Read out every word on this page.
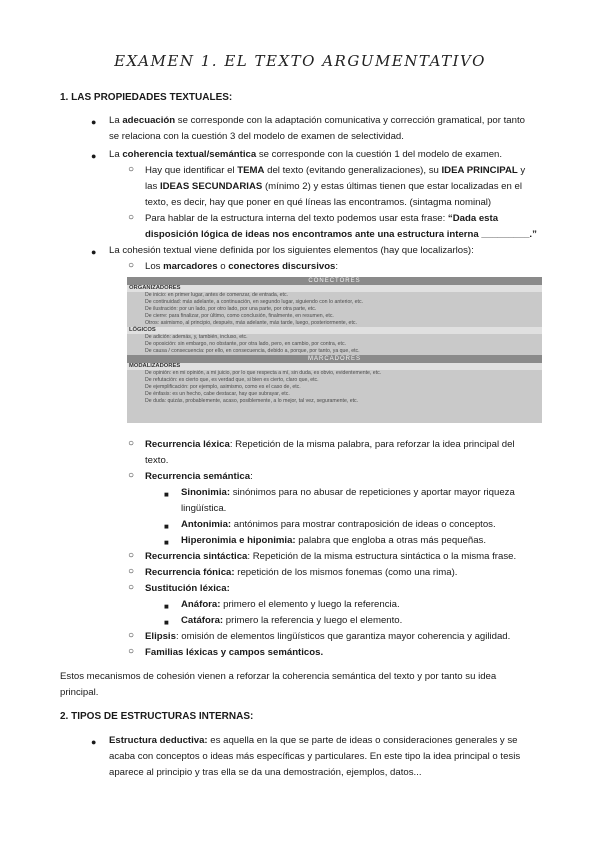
EXAMEN 1. EL TEXTO ARGUMENTATIVO
1. LAS PROPIEDADES TEXTUALES:
●
La adecuación se corresponde con la adaptación comunicativa y corrección gramatical, por tanto
se relaciona con la cuestión 3 del modelo de examen de selectividad.
●
La coherencia textual/semántica se corresponde con la cuestión 1 del modelo de examen.
○
Hay que identificar el TEMA del texto (evitando generalizaciones), su IDEA PRINCIPAL y
las IDEAS SECUNDARIAS (mínimo 2) y estas últimas tienen que estar localizadas en el
texto, es decir, hay que poner en qué líneas las encontramos. (sintagma nominal)
○
Para hablar de la estructura interna del texto podemos usar esta frase: “Dada esta
disposición lógica de ideas nos encontramos ante una estructura interna _________.”
●
La cohesión textual viene definida por los siguientes elementos (hay que localizarlos):
○
Los marcadores o conectores discursivos:
CONECTORES
ORGANIZADORES
De inicio: en primer lugar, antes de comenzar, de entrada, etc.
De continuidad: más adelante, a continuación, en segundo lugar, siguiendo con lo anterior, etc.
De ilustración: por un lado, por otro lado, por una parte, por otra parte, etc.
De cierre: para finalizar, por último, como conclusión, finalmente, en resumen, etc.
Otros: asimismo, al principio, después, más adelante, más tarde, luego, posteriormente, etc.
LÓGICOS
De adición: además, y, también, incluso, etc.
De oposición: sin embargo, no obstante, por otra lado, pero, en cambio, por contra, etc.
De causa / consecuencia: por ello, en consecuencia, debido a, porque, por tanto, ya que, etc.
MARCADORES
MODALIZADORES
De opinión: en mi opinión, a mi juicio, por lo que respecta a mí, sin duda, es obvio, evidentemente, etc.
De refutación: es cierto que, es verdad que, si bien es cierto, claro que, etc.
De ejemplificación: por ejemplo, asimismo, como es el caso de, etc.
De énfasis: es un hecho, cabe destacar, hay que subrayar, etc.
De duda: quizás, probablemente, acaso, posiblemente, a lo mejor, tal vez, seguramente, etc.
○
Recurrencia léxica: Repetición de la misma palabra, para reforzar la idea principal del
texto.
○
Recurrencia semántica:
■
Sinonimia: sinónimos para no abusar de repeticiones y aportar mayor riqueza
lingüística.
■
Antonimia: antónimos para mostrar contraposición de ideas o conceptos.
■
Hiperonimia e hiponimia: palabra que engloba a otras más pequeñas.
○
Recurrencia sintáctica: Repetición de la misma estructura sintáctica o la misma frase.
○
Recurrencia fónica: repetición de los mismos fonemas (como una rima).
○
Sustitución léxica:
■
Anáfora: primero el elemento y luego la referencia.
■
Catáfora: primero la referencia y luego el elemento.
○
Elipsis: omisión de elementos lingüísticos que garantiza mayor coherencia y agilidad.
○
Familias léxicas y campos semánticos.
Estos mecanismos de cohesión vienen a reforzar la coherencia semántica del texto y por tanto su idea
principal.
2. TIPOS DE ESTRUCTURAS INTERNAS:
●
Estructura deductiva: es aquella en la que se parte de ideas o consideraciones generales y se
acaba con conceptos o ideas más específicas y particulares. En este tipo la idea principal o tesis
aparece al principio y tras ella se da una demostración, ejemplos, datos...
